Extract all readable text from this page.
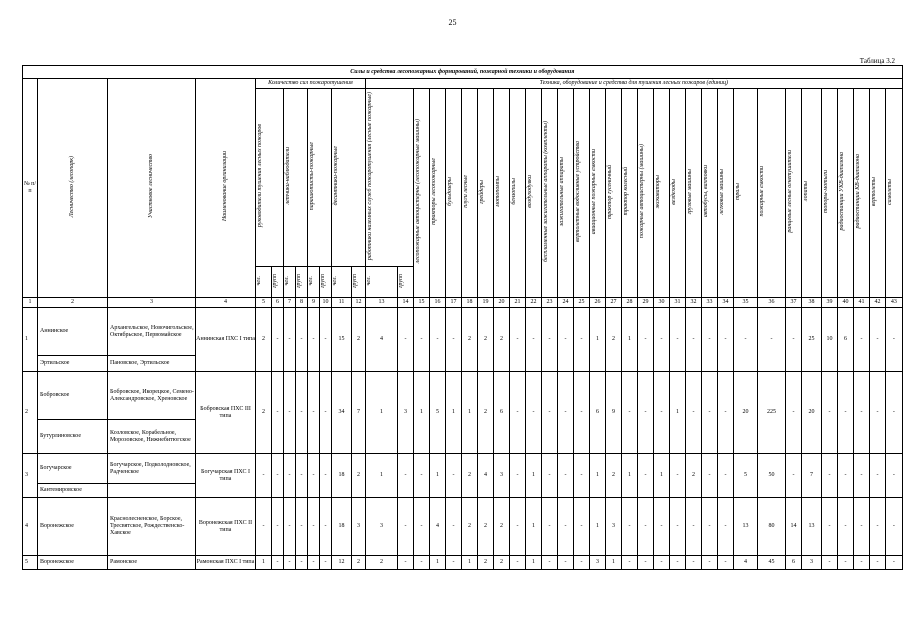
25
Таблица 3.2
Силы и средства лесопожарных формирований, пожарной техники и оборудования																																											
№ п/п	Лесничество (лесопарк)	Участковое лесничество	Наименование организации	Количество сил пожаротушения								Техника, оборудование и средства для тушения лесных пожаров (единиц)																															
				руководители тушения лесных пожаров		летчики-наблюдатели		парашютисты-пожарные		десантники-пожарные		работники наземных служб пожаротушения (лесные пожарные)		лесопожарные автоцистерны (лесопожарные машины)	тракторы лесопожарные	бульдозеры	плуги лесные	грейдеры	мотопомпы	бензопилы	воздуходувки	беспламенные зажигательные аппараты (комплекты)	зажигательные аппараты	вертолетные водосливные устройства	авиационные пожарные емкости	трактор гусеничный	трактор колесный	пожарные автоцистерны (машины)	экскаваторы	вездеходы	грузовые машины	автобусы, вахтовки	легковые машины	тралы	пожарные емкости	ранцевые лесные огнетушители	лопаты	топоры-мотыги	радиостанции УКВ-диапазона	радиостанции КВ-диапазона	вертолеты	самолеты		
				чел.	групп	чел.	групп	чел.	групп	чел.	групп	чел.	групп																														
1	2	3	4	5	6	7	8	9	10	11	12	13	14	15	16	17	18	19	20	21	22	23	24	25	26	27	28	29	30	31	32	33	34	35	36	37	38	39	40	41	42	43	
1	Аннинское	Архангельское, Новочигольское, Октябрьское, Первомайское	Аннинская ПХС I типа	2	-	-	-	-	-	15	2	4	-	-	-	-	2	2	2	-	-	-	-	-	1	2	1	-	-	-	-	-	-	-	-	-	25	10	6	-	-	-	
	Эртильское	Пановское, Эртильское																																									
2	Бобровское	Бобровское, Икорецкое, Семено-Александровское, Хреновское	Бобровская ПХС III типа	2	-	-	-	-	-	34	7	1	3	1	5	1	1	2	6	-	-	-	-	-	6	9	-	-	-	1	-	-	-	20	225	-	20	-	-	-	-	-	
	Бутурлиновское	Козловское, Корабельное, Морозовское, Нижнебитюгское																																									
3	Богучарское	Богучарское, Подколодновское, Радченское	Богучарская ПХС I типа	-	-	-	-	-	-	18	2	1	-	-	1	-	2	4	3	-	1	-	-	-	1	2	1	-	1	-	2	-	-	5	50	-	7	-	-	-	-	-	
	Кантемировское																																										
4	Воронежское	Краснолесненское, Борское, Тресвятское, Рождественско-Хавское	Воронежская ПХС II типа	-	-	-	-	-	-	18	3	3	-	-	4	-	2	2	2	-	1	-	-	-	1	3	-	-	-	-	-	-	-	13	80	14	13	-	-	-	-	-	
5	Воронежское	Рамонское	Рамонская ПХС I типа	1	-	-	-	-	-	12	2	2	-	-	1	-	1	2	2	-	1	-	-	-	3	1	-	-	-	-	-	-	-	4	45	6	3	-	-	-	-	-	
